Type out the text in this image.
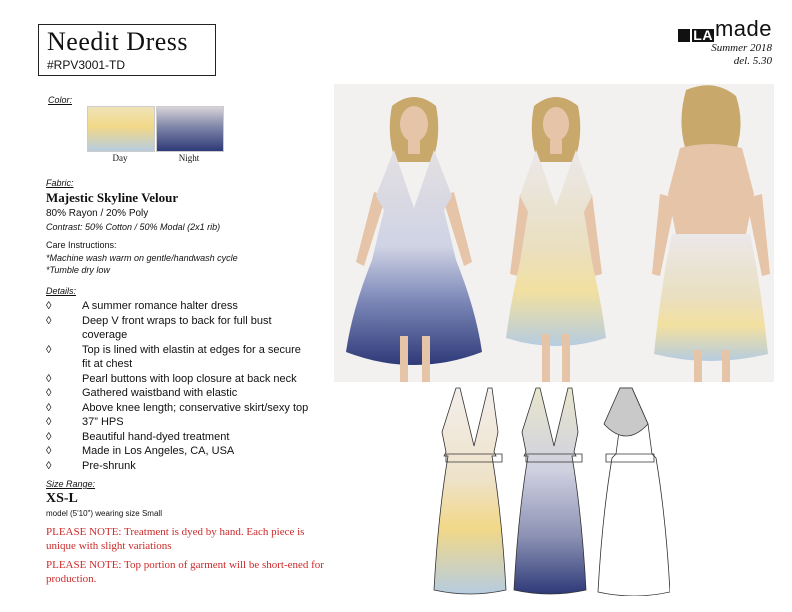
Needit Dress
#RPV3001-TD
LA made
Summer 2018
del. 5.30
Color:
Day	Night
Fabric:
Majestic Skyline Velour
80% Rayon / 20% Poly
Contrast: 50% Cotton / 50% Modal (2x1 rib)
Care Instructions:
*Machine wash warm on gentle/handwash cycle
*Tumble dry low
Details:
◊	A summer romance halter dress
◊	Deep V front wraps to back for full bust
coverage
◊	Top is lined with elastin at edges for a secure
fit at chest
◊	Pearl buttons with loop closure at back neck
◊	Gathered waistband with elastic
◊	Above knee length; conservative skirt/sexy top
◊	37” HPS
◊	Beautiful hand-dyed treatment
◊	Made in Los Angeles, CA, USA
◊	Pre-shrunk
Size Range:
XS-L
model (5'10") wearing size Small
PLEASE NOTE: Treatment is dyed by hand. Each piece is unique with slight variations
PLEASE NOTE: Top portion of garment will be short-ened for production.
